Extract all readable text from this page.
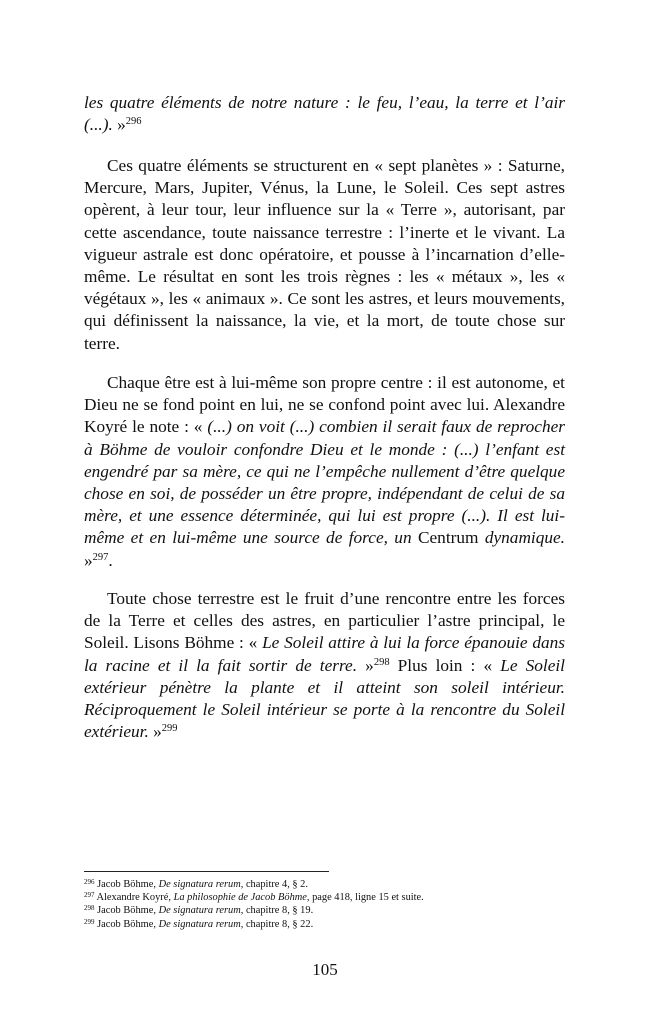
les quatre éléments de notre nature : le feu, l’eau, la terre et l’air (...). »$^{296}$

Ces quatre éléments se structurent en « sept planètes » : Saturne, Mercure, Mars, Jupiter, Vénus, la Lune, le Soleil. Ces sept astres opèrent, à leur tour, leur influence sur la « Terre », autorisant, par cette ascendance, toute naissance terrestre : l’inerte et le vivant. La vigueur astrale est donc opératoire, et pousse à l’incarnation d’elle-même. Le résultat en sont les trois règnes : les « métaux », les « végétaux », les « animaux ». Ce sont les astres, et leurs mouvements, qui définissent la naissance, la vie, et la mort, de toute chose sur terre.

Chaque être est à lui-même son propre centre : il est autonome, et Dieu ne se fond point en lui, ne se confond point avec lui. Alexandre Koyré le note : « (...) on voit (...) combien il serait faux de reprocher à Böhme de vouloir confondre Dieu et le monde : (...) l’enfant est engendré par sa mère, ce qui ne l’empêche nullement d’être quelque chose en soi, de posséder un être propre, indépendant de celui de sa mère, et une essence déterminée, qui lui est propre (...). Il est lui-même et en lui-même une source de force, un Centrum dynamique. »$^{297}$.

Toute chose terrestre est le fruit d’une rencontre entre les forces de la Terre et celles des astres, en particulier l’astre principal, le Soleil. Lisons Böhme : « Le Soleil attire à lui la force épanouie dans la racine et il la fait sortir de terre. »$^{298}$ Plus loin : « Le Soleil extérieur pénètre la plante et il atteint son soleil intérieur. Réciproquement le Soleil intérieur se porte à la rencontre du Soleil extérieur. »$^{299}$

$^{296}$ Jacob Böhme, De signatura rerum, chapitre 4, § 2.
$^{297}$ Alexandre Koyré, La philosophie de Jacob Böhme, page 418, ligne 15 et suite.
$^{298}$ Jacob Böhme, De signatura rerum, chapitre 8, § 19.
$^{299}$ Jacob Böhme, De signatura rerum, chapitre 8, § 22.
105
